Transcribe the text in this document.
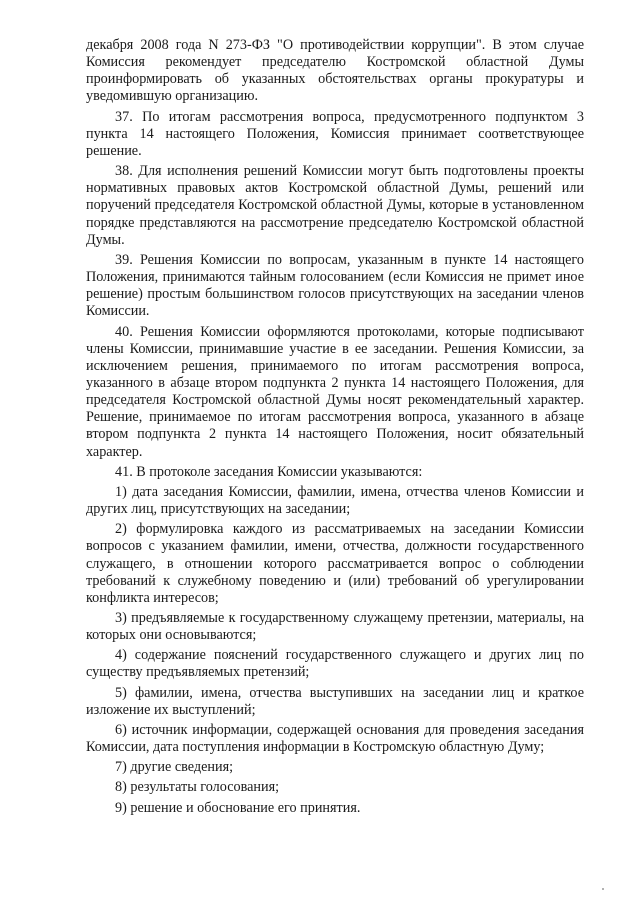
декабря 2008 года N 273-ФЗ "О противодействии коррупции". В этом случае Комиссия рекомендует председателю Костромской областной Думы проинформировать об указанных обстоятельствах органы прокуратуры и уведомившую организацию.

37. По итогам рассмотрения вопроса, предусмотренного подпунктом 3 пункта 14 настоящего Положения, Комиссия принимает соответствующее решение.

38. Для исполнения решений Комиссии могут быть подготовлены проекты нормативных правовых актов Костромской областной Думы, решений или поручений председателя Костромской областной Думы, которые в установленном порядке представляются на рассмотрение председателю Костромской областной Думы.

39. Решения Комиссии по вопросам, указанным в пункте 14 настоящего Положения, принимаются тайным голосованием (если Комиссия не примет иное решение) простым большинством голосов присутствующих на заседании членов Комиссии.

40. Решения Комиссии оформляются протоколами, которые подписывают члены Комиссии, принимавшие участие в ее заседании. Решения Комиссии, за исключением решения, принимаемого по итогам рассмотрения вопроса, указанного в абзаце втором подпункта 2 пункта 14 настоящего Положения, для председателя Костромской областной Думы носят рекомендательный характер. Решение, принимаемое по итогам рассмотрения вопроса, указанного в абзаце втором подпункта 2 пункта 14 настоящего Положения, носит обязательный характер.

41. В протоколе заседания Комиссии указываются:

1) дата заседания Комиссии, фамилии, имена, отчества членов Комиссии и других лиц, присутствующих на заседании;

2) формулировка каждого из рассматриваемых на заседании Комиссии вопросов с указанием фамилии, имени, отчества, должности государственного служащего, в отношении которого рассматривается вопрос о соблюдении требований к служебному поведению и (или) требований об урегулировании конфликта интересов;

3) предъявляемые к государственному служащему претензии, материалы, на которых они основываются;

4) содержание пояснений государственного служащего и других лиц по существу предъявляемых претензий;

5) фамилии, имена, отчества выступивших на заседании лиц и краткое изложение их выступлений;

6) источник информации, содержащей основания для проведения заседания Комиссии, дата поступления информации в Костромскую областную Думу;

7) другие сведения;

8) результаты голосования;

9) решение и обоснование его принятия.
